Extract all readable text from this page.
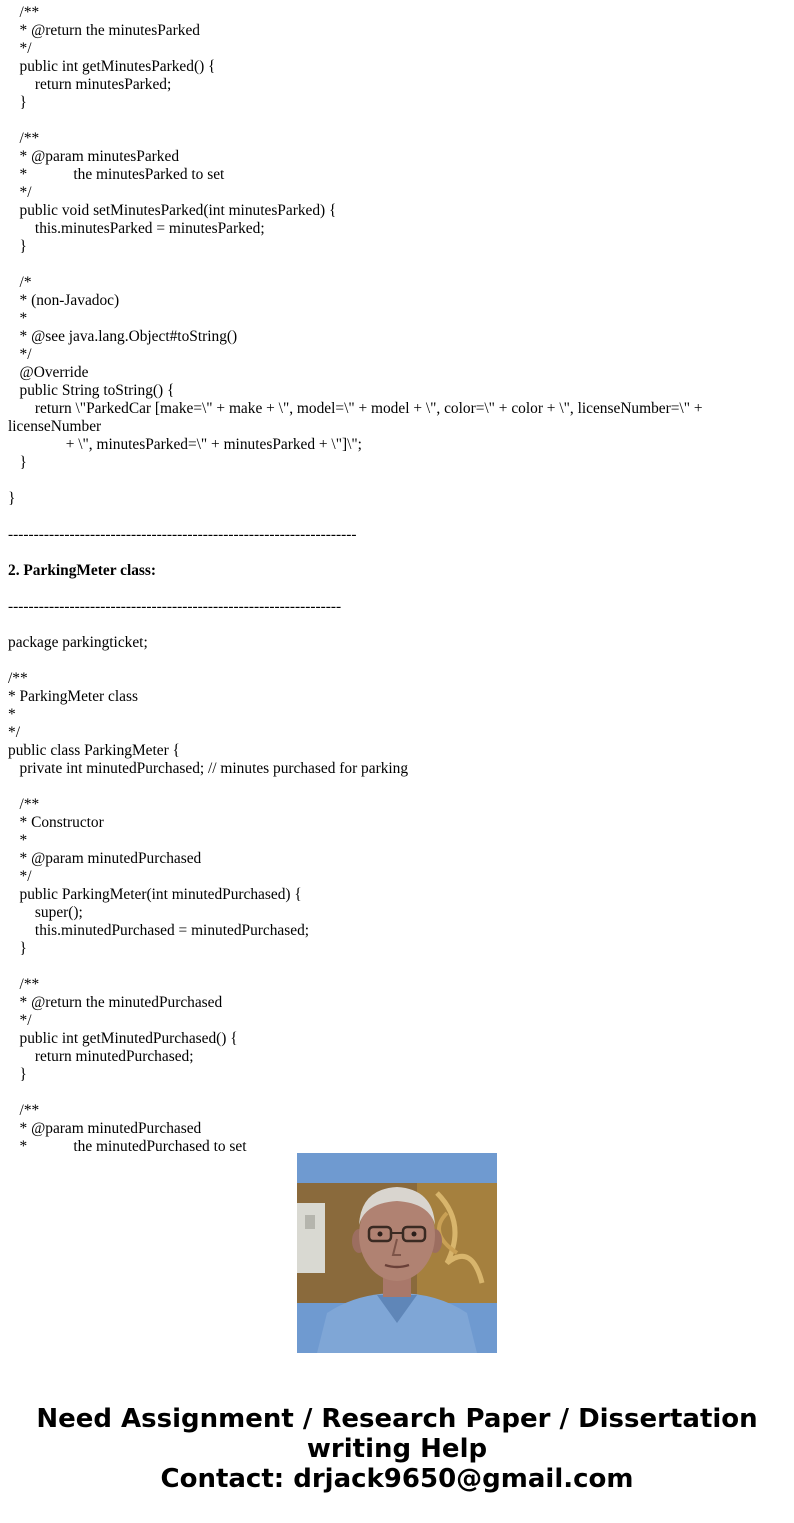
/**

* @return the minutesParked

*/

public int getMinutesParked() {

return minutesParked;

}

/**

* @param minutesParked

*            the minutesParked to set

*/

public void setMinutesParked(int minutesParked) {

this.minutesParked = minutesParked;

}

/*

* (non-Javadoc)

*

* @see java.lang.Object#toString()

*/

@Override

public String toString() {

return \"ParkedCar [make=\" + make + \", model=\" + model + \", color=\" + color + \", licenseNumber=\" +

licenseNumber

+ \", minutesParked=\" + minutesParked + \"]\";

}

}

--------------------------------------------------------------------

2. ParkingMeter class:

-----------------------------------------------------------------

package parkingticket;

/**

* ParkingMeter class

*

*/

public class ParkingMeter {

private int minutedPurchased; // minutes purchased for parking

/**

* Constructor

*

* @param minutedPurchased

*/

public ParkingMeter(int minutedPurchased) {

super();

this.minutedPurchased = minutedPurchased;

}

/**

* @return the minutedPurchased

*/

public int getMinutedPurchased() {

return minutedPurchased;

}

/**

* @param minutedPurchased

*            the minutedPurchased to set

Need Assignment / Research Paper / Dissertation
writing Help
Contact: drjack9650@gmail.com
